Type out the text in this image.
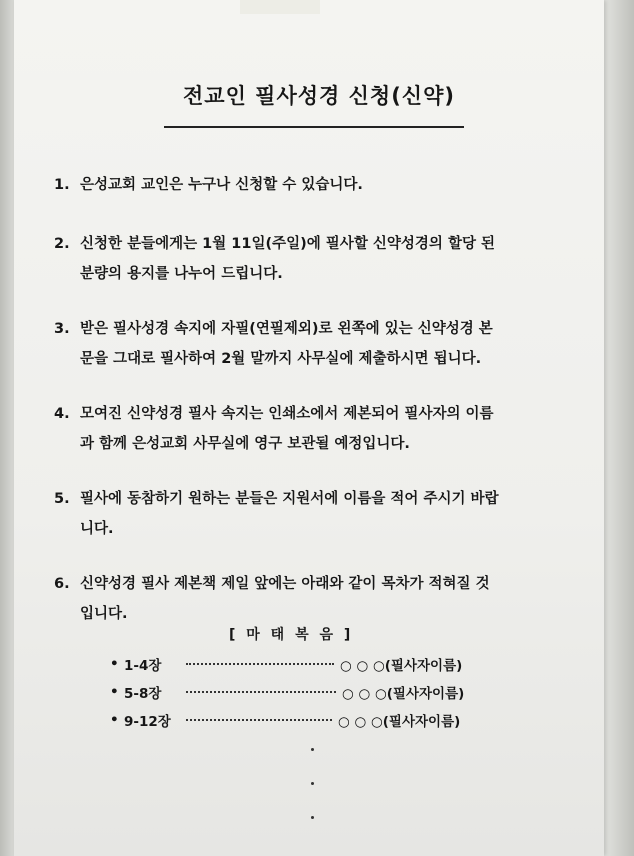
전교인 필사성경 신청(신약)
1. 은성교회 교인은 누구나 신청할 수 있습니다.
2. 신청한 분들에게는 1월 11일(주일)에 필사할 신약성경의 할당 된
분량의 용지를 나누어 드립니다.
3. 받은 필사성경 속지에 자필(연필제외)로 왼쪽에 있는 신약성경 본
문을 그대로 필사하여 2월 말까지 사무실에 제출하시면 됩니다.
4. 모여진 신약성경 필사 속지는 인쇄소에서 제본되어 필사자의 이름
과 함께 은성교회 사무실에 영구 보관될 예정입니다.
5. 필사에 동참하기 원하는 분들은 지원서에 이름을 적어 주시기 바랍
니다.
6. 신약성경 필사 제본책 제일 앞에는 아래와 같이 목차가 적혀질 것
입니다.
[ 마 태 복 음 ]
• 1-4장	○ ○ ○(필사자이름)
• 5-8장	○ ○ ○(필사자이름)
• 9-12장	○ ○ ○(필사자이름)
